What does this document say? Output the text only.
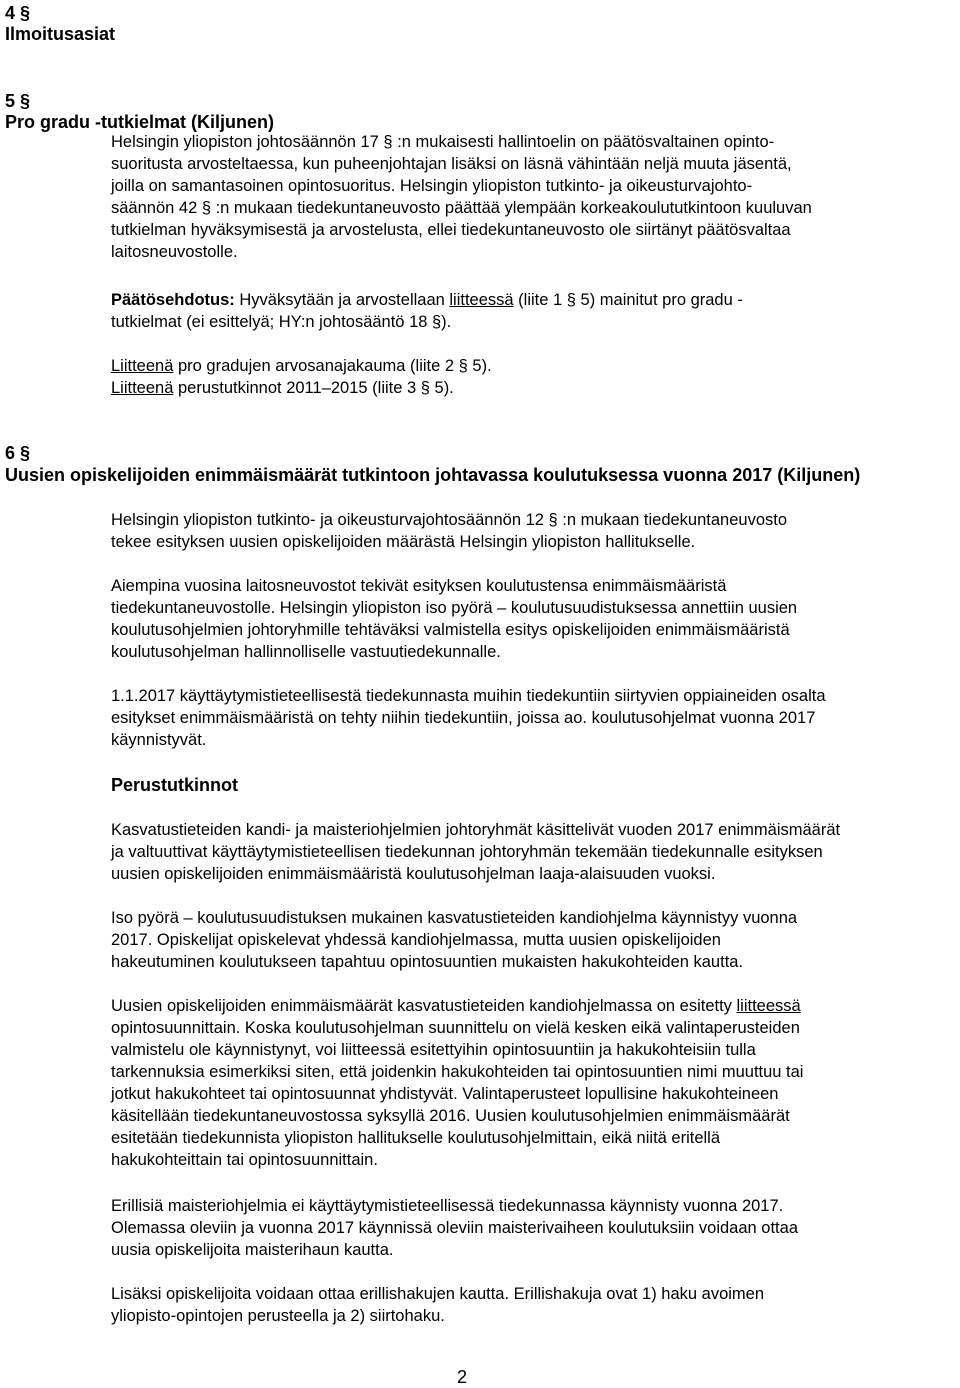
4 §
Ilmoitusasiat
5 §
Pro gradu -tutkielmat (Kiljunen)
Helsingin yliopiston johtosäännön 17 § :n mukaisesti hallintoelin on päätösvaltainen opinto-
suoritusta arvosteltaessa, kun puheenjohtajan lisäksi on läsnä vähintään neljä muuta jäsentä,
joilla on samantasoinen opintosuoritus. Helsingin yliopiston tutkinto- ja oikeusturvajohto-
säännön 42 § :n mukaan tiedekuntaneuvosto päättää ylempään korkeakoulututkintoon kuuluvan
tutkielman hyväksymisestä ja arvostelusta, ellei tiedekuntaneuvosto ole siirtänyt päätösvaltaa
laitosneuvostolle.
Päätösehdotus: Hyväksytään ja arvostellaan liitteessä (liite 1 § 5) mainitut pro gradu -
tutkielmat (ei esittelyä; HY:n johtosääntö 18 §).
Liitteenä pro gradujen arvosanajakauma (liite 2 § 5).
Liitteenä perustutkinnot 2011–2015 (liite 3 § 5).
6 §
Uusien opiskelijoiden enimmäismäärät tutkintoon johtavassa koulutuksessa vuonna 2017 (Kiljunen)
Helsingin yliopiston tutkinto- ja oikeusturvajohtosäännön 12 § :n mukaan tiedekuntaneuvosto
tekee esityksen uusien opiskelijoiden määrästä Helsingin yliopiston hallitukselle.
Aiempina vuosina laitosneuvostot tekivät esityksen koulutustensa enimmäismääristä
tiedekuntaneuvostolle. Helsingin yliopiston iso pyörä – koulutusuudistuksessa annettiin uusien
koulutusohjelmien johtoryhmille tehtäväksi valmistella esitys opiskelijoiden enimmäismääristä
koulutusohjelman hallinnolliselle vastuutiedekunnalle.
1.1.2017 käyttäytymistieteellisestä tiedekunnasta muihin tiedekuntiin siirtyvien oppiaineiden osalta
esitykset enimmäismääristä on tehty niihin tiedekuntiin, joissa ao. koulutusohjelmat vuonna 2017
käynnistyvät.
Perustutkinnot
Kasvatustieteiden kandi- ja maisteriohjelmien johtoryhmät käsittelivät vuoden 2017 enimmäismäärät
ja valtuuttivat käyttäytymistieteellisen tiedekunnan johtoryhmän tekemään tiedekunnalle esityksen
uusien opiskelijoiden enimmäismääristä koulutusohjelman laaja-alaisuuden vuoksi.
Iso pyörä – koulutusuudistuksen mukainen kasvatustieteiden kandiohjelma käynnistyy vuonna
2017. Opiskelijat opiskelevat yhdessä kandiohjelmassa, mutta uusien opiskelijoiden
hakeutuminen koulutukseen tapahtuu opintosuuntien mukaisten hakukohteiden kautta.
Uusien opiskelijoiden enimmäismäärät kasvatustieteiden kandiohjelmassa on esitetty liitteessä
opintosuunnittain. Koska koulutusohjelman suunnittelu on vielä kesken eikä valintaperusteiden
valmistelu ole käynnistynyt, voi liitteessä esitettyihin opintosuuntiin ja hakukohteisiin tulla
tarkennuksia esimerkiksi siten, että joidenkin hakukohteiden tai opintosuuntien nimi muuttuu tai
jotkut hakukohteet tai opintosuunnat yhdistyvät. Valintaperusteet lopullisine hakukohteineen
käsitellään tiedekuntaneuvostossa syksyllä 2016. Uusien koulutusohjelmien enimmäismäärät
esitetään tiedekunnista yliopiston hallitukselle koulutusohjelmittain, eikä niitä eritellä
hakukohteittain tai opintosuunnittain.
Erillisiä maisteriohjelmia ei käyttäytymistieteellisessä tiedekunnassa käynnisty vuonna 2017.
Olemassa oleviin ja vuonna 2017 käynnissä oleviin maisterivaiheen koulutuksiin voidaan ottaa
uusia opiskelijoita maisterihaun kautta.
Lisäksi opiskelijoita voidaan ottaa erillishakujen kautta. Erillishakuja ovat 1) haku avoimen
yliopisto-opintojen perusteella ja 2) siirtohaku.
2
